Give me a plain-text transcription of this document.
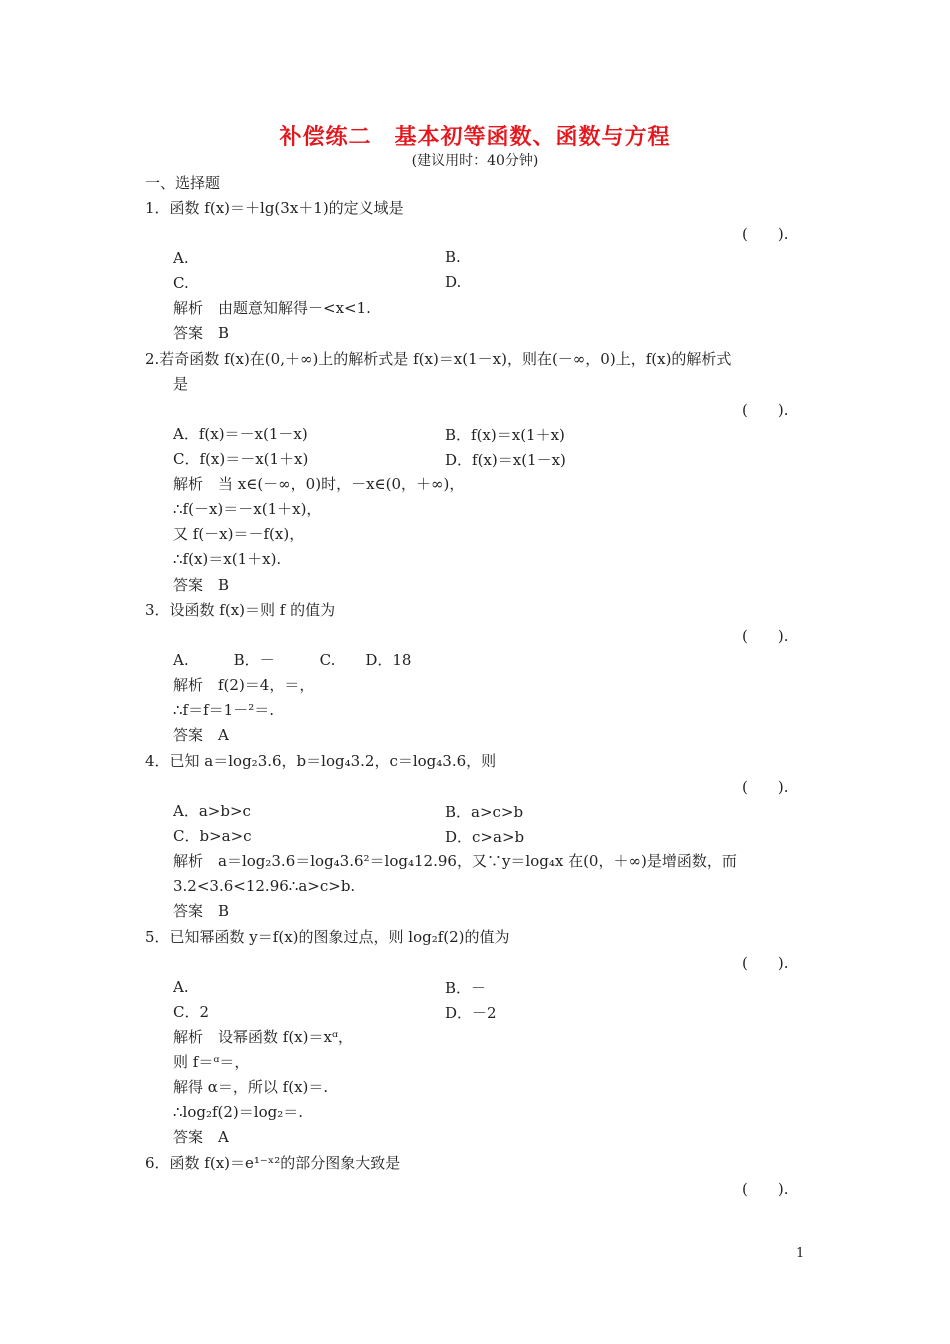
补偿练二　基本初等函数、函数与方程
(建议用时：40分钟)
一、选择题
1．函数 f(x)＝＋lg(3x＋1)的定义域是
(　　).
A.	B.
C.	D.
解析　由题意知解得－<x<1.
答案　B
2.若奇函数 f(x)在(0,＋∞)上的解析式是 f(x)＝x(1－x)，则在(－∞，0)上，f(x)的解析式
是
(　　).
A．f(x)＝－x(1－x)	B．f(x)＝x(1＋x)
C．f(x)＝－x(1＋x)	D．f(x)＝x(1－x)
解析　当 x∈(－∞，0)时，－x∈(0，＋∞)，
∴f(－x)＝－x(1＋x)，
又 f(－x)＝－f(x)，
∴f(x)＝x(1＋x).
答案　B
3．设函数 f(x)＝则 f 的值为
(　　).
A.　　　B．－　　　C.　　D．18
解析　f(2)＝4，＝，
∴f＝f＝1－²＝.
答案　A
4．已知 a＝log₂3.6，b＝log₄3.2，c＝log₄3.6，则
(　　).
A．a>b>c	B．a>c>b
C．b>a>c	D．c>a>b
解析　a＝log₂3.6＝log₄3.6²＝log₄12.96，又∵y＝log₄x 在(0，＋∞)是增函数，而
3.2<3.6<12.96∴a>c>b.
答案　B
5．已知幂函数 y＝f(x)的图象过点，则 log₂f(2)的值为
(　　).
A.	B．－
C．2	D．－2
解析　设幂函数 f(x)＝xᵅ，
则 f＝ᵅ＝，
解得 α＝，所以 f(x)＝.
∴log₂f(2)＝log₂＝.
答案　A
6．函数 f(x)＝e¹⁻ˣ²的部分图象大致是
(　　).
1
